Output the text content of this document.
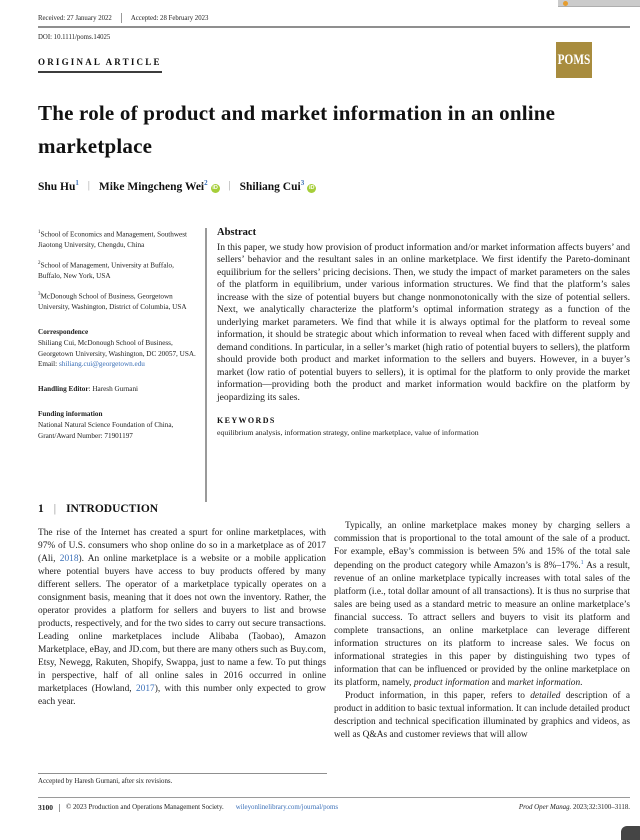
Received: 27 January 2022	Accepted: 28 February 2023
DOI: 10.1111/poms.14025
ORIGINAL ARTICLE	POMS
The role of product and market information in an online marketplace
Shu Hu$^1$ | Mike Mingcheng Wei$^2$iD | Shiliang Cui$^3$iD
$^1$School of Economics and Management, Southwest Jiaotong University, Chengdu, China
$^2$School of Management, University at Buffalo, Buffalo, New York, USA
$^3$McDonough School of Business, Georgetown University, Washington, District of Columbia, USA
Correspondence
Shiliang Cui, McDonough School of Business, Georgetown University, Washington, DC 20057, USA.
Email: shiliang.cui@georgetown.edu
Handling Editor: Haresh Gurnani
Funding information
National Natural Science Foundation of China, Grant/Award Number: 71901197
Abstract
In this paper, we study how provision of product information and/or market information affects buyers’ and sellers’ behavior and the resultant sales in an online marketplace. We first identify the Pareto-dominant equilibrium for the sellers’ pricing decisions. Then, we study the impact of market parameters on the sales of the platform in equilibrium, under various information structures. We find that the platform’s sales increase with the size of potential buyers but change nonmonotonically with the size of potential sellers. Next, we analytically characterize the platform’s optimal information strategy as a function of the underlying market parameters. We find that while it is always optimal for the platform to reveal some information, it should be strategic about which information to reveal when faced with different supply and demand conditions. In particular, in a seller’s market (high ratio of potential buyers to sellers), the platform should provide both product and market information to the sellers and buyers. However, in a buyer’s market (low ratio of potential buyers to sellers), it is optimal for the platform to only provide the market information—providing both the product and market information would backfire on the platform by jeopardizing its sales.
KEYWORDS
equilibrium analysis, information strategy, online marketplace, value of information
1 | INTRODUCTION

The rise of the Internet has created a spurt for online marketplaces, with 97% of U.S. consumers who shop online do so in a marketplace as of 2017 (Ali, 2018). An online marketplace is a website or a mobile application where potential buyers have access to buy products offered by many different sellers. The operator of a marketplace typically operates on a consignment basis, meaning that it does not own the inventory. Rather, the operator provides a platform for sellers and buyers to list and browse products, respectively, and for the two sides to carry out secure transactions. Leading online marketplaces include Alibaba (Taobao), Amazon Marketplace, eBay, and JD.com, but there are many others such as Buy.com, Etsy, Newegg, Rakuten, Shopify, Swappa, just to name a few. To put things in perspective, half of all online sales in 2016 occurred in online marketplaces (Howland, 2017), with this number only expected to grow each year.

Typically, an online marketplace makes money by charging sellers a commission that is proportional to the total amount of the sale of a product. For example, eBay’s commission is between 5% and 15% of the total sale depending on the product category while Amazon’s is 8%–17%.$^1$ As a result, revenue of an online marketplace typically increases with total sales of the platform (i.e., total dollar amount of all transactions). It is thus no surprise that sales are being used as a standard metric to measure an online marketplace’s financial success. To attract sellers and buyers to visit its platform and complete transactions, an online marketplace can leverage different information structures on its platform to increase sales. We focus on informational strategies in this paper by distinguishing two types of information that can be influenced or provided by the online marketplace on its platform, namely, product information and market information.

Product information, in this paper, refers to detailed description of a product in addition to basic textual information. It can include detailed product description and technical specification illuminated by graphics and videos, as well as Q&As and customer reviews that will allow

Accepted by Haresh Gurnani, after six revisions.
3100 © 2023 Production and Operations Management Society. wileyonlinelibrary.com/journal/poms	Prod Oper Manag. 2023;32:3100–3118.
